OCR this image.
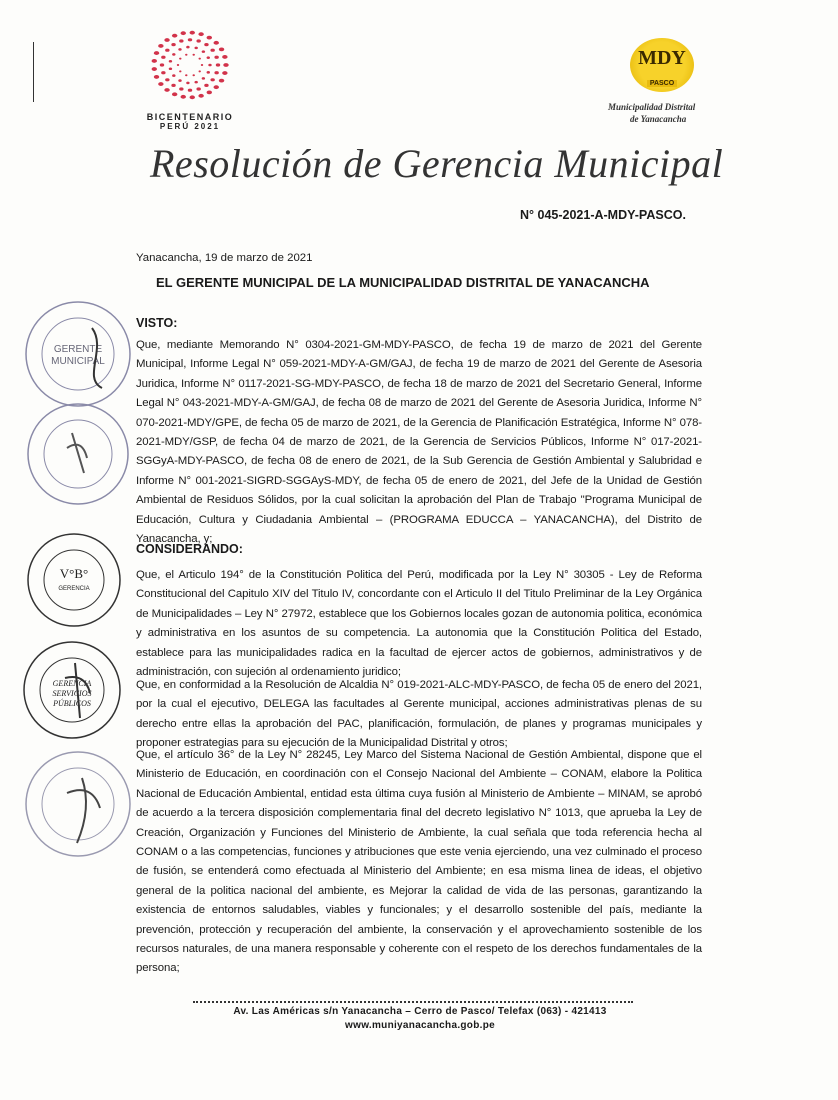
BICENTENARIO
PERÚ 2021
MDY
PASCO
Municipalidad Distrital
de Yanacancha
Resolución de Gerencia Municipal
N° 045-2021-A-MDY-PASCO.
Yanacancha, 19 de marzo de 2021
EL GERENTE MUNICIPAL DE LA MUNICIPALIDAD DISTRITAL DE YANACANCHA
VISTO:
Que, mediante Memorando N° 0304-2021-GM-MDY-PASCO, de fecha 19 de marzo de 2021 del Gerente Municipal, Informe Legal N° 059-2021-MDY-A-GM/GAJ, de fecha 19 de marzo de 2021 del Gerente de Asesoria Juridica, Informe N° 0117-2021-SG-MDY-PASCO, de fecha 18 de marzo de 2021 del Secretario General, Informe Legal N° 043-2021-MDY-A-GM/GAJ, de fecha 08 de marzo de 2021 del Gerente de Asesoria Juridica, Informe N° 070-2021-MDY/GPE, de fecha 05 de marzo de 2021, de la Gerencia de Planificación Estratégica, Informe N° 078-2021-MDY/GSP, de fecha 04 de marzo de 2021, de la Gerencia de Servicios Públicos, Informe N° 017-2021-SGGyA-MDY-PASCO, de fecha 08 de enero de 2021, de la Sub Gerencia de Gestión Ambiental y Salubridad e Informe N° 001-2021-SIGRD-SGGAyS-MDY, de fecha 05 de enero de 2021, del Jefe de la Unidad de Gestión Ambiental de Residuos Sólidos, por la cual solicitan la aprobación del Plan de Trabajo "Programa Municipal de Educación, Cultura y Ciudadania Ambiental – (PROGRAMA EDUCCA – YANACANCHA), del Distrito de Yanacancha, y;
CONSIDERANDO:
Que, el Articulo 194° de la Constitución Politica del Perú, modificada por la Ley N° 30305 - Ley de Reforma Constitucional del Capitulo XIV del Titulo IV, concordante con el Articulo II del Titulo Preliminar de la Ley Orgánica de Municipalidades – Ley N° 27972, establece que los Gobiernos locales gozan de autonomia politica, económica y administrativa en los asuntos de su competencia. La autonomia que la Constitución Politica del Estado, establece para las municipalidades radica en la facultad de ejercer actos de gobiernos, administrativos y de administración, con sujeción al ordenamiento juridico;
Que, en conformidad a la Resolución de Alcaldia N° 019-2021-ALC-MDY-PASCO, de fecha 05 de enero del 2021, por la cual el ejecutivo, DELEGA las facultades al Gerente municipal, acciones administrativas plenas de su derecho entre ellas la aprobación del PAC, planificación, formulación, de planes y programas municipales y proponer estrategias para su ejecución de la Municipalidad Distrital y otros;
Que, el artículo 36° de la Ley N° 28245, Ley Marco del Sistema Nacional de Gestión Ambiental, dispone que el Ministerio de Educación, en coordinación con el Consejo Nacional del Ambiente – CONAM, elabore la Politica Nacional de Educación Ambiental, entidad esta última cuya fusión al Ministerio de Ambiente – MINAM, se aprobó de acuerdo a la tercera disposición complementaria final del decreto legislativo N° 1013, que aprueba la Ley de Creación, Organización y Funciones del Ministerio de Ambiente, la cual señala que toda referencia hecha al CONAM o a las competencias, funciones y atribuciones que este venia ejerciendo, una vez culminado el proceso de fusión, se entenderá como efectuada al Ministerio del Ambiente; en esa misma linea de ideas, el objetivo general de la politica nacional del ambiente, es Mejorar la calidad de vida de las personas, garantizando la existencia de entornos saludables, viables y funcionales; y el desarrollo sostenible del país, mediante la prevención, protección y recuperación del ambiente, la conservación y el aprovechamiento sostenible de los recursos naturales, de una manera responsable y coherente con el respeto de los derechos fundamentales de la persona;
GERENTE
MUNICIPAL
V°B°
GERENCIA
GERENCIA
SERVICIOS
PÚBLICOS
Av. Las Américas s/n Yanacancha – Cerro de Pasco/ Telefax (063) - 421413
www.muniyanacancha.gob.pe
